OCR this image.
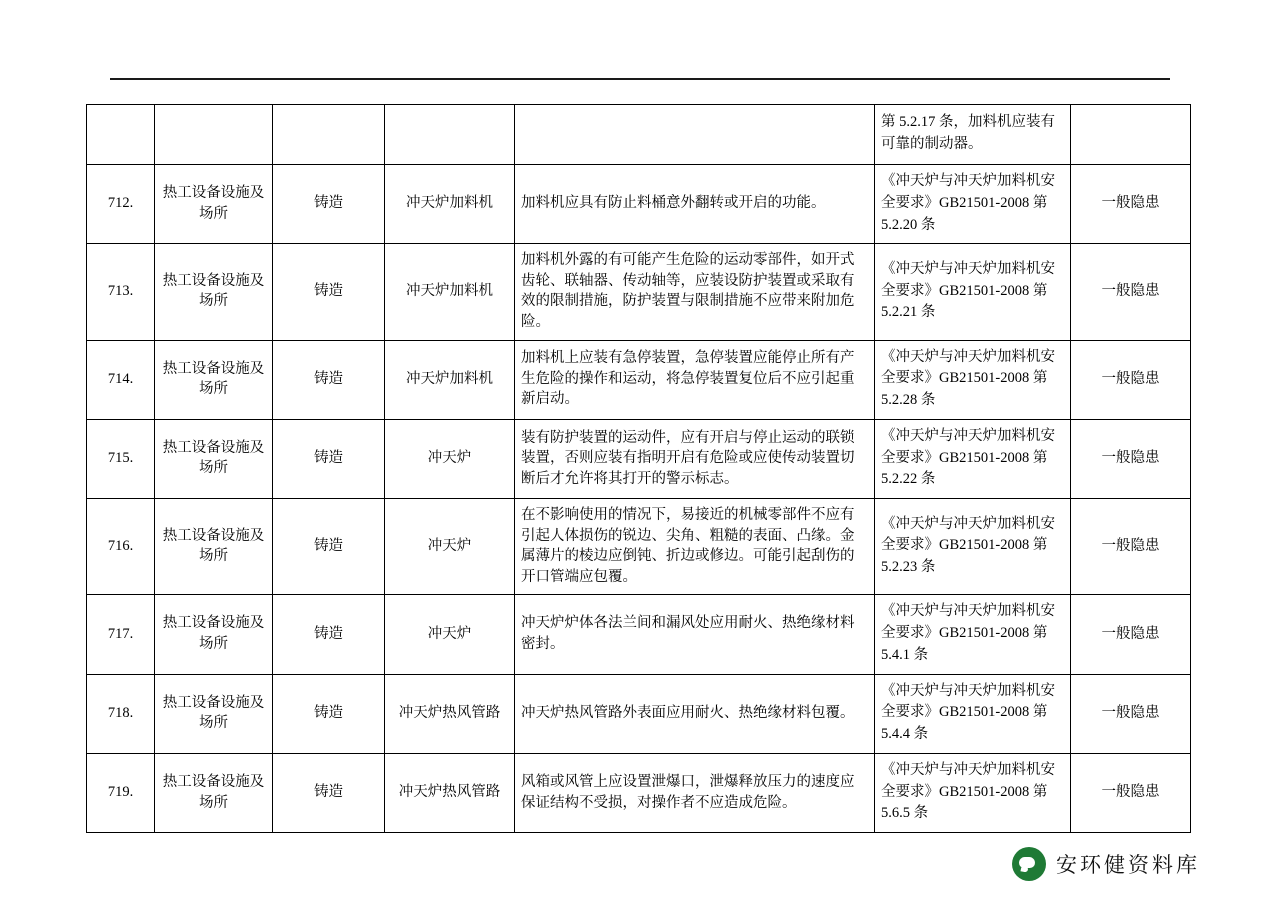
					第 5.2.17 条，加料机应装有可靠的制动器。	
712.	热工设备设施及场所	铸造	冲天炉加料机	加料机应具有防止料桶意外翻转或开启的功能。	《冲天炉与冲天炉加料机安全要求》GB21501-2008 第 5.2.20 条	一般隐患
713.	热工设备设施及场所	铸造	冲天炉加料机	加料机外露的有可能产生危险的运动零部件，如开式齿轮、联轴器、传动轴等，应装设防护装置或采取有效的限制措施，防护装置与限制措施不应带来附加危险。	《冲天炉与冲天炉加料机安全要求》GB21501-2008 第 5.2.21 条	一般隐患
714.	热工设备设施及场所	铸造	冲天炉加料机	加料机上应装有急停装置，急停装置应能停止所有产生危险的操作和运动，将急停装置复位后不应引起重新启动。	《冲天炉与冲天炉加料机安全要求》GB21501-2008 第 5.2.28 条	一般隐患
715.	热工设备设施及场所	铸造	冲天炉	装有防护装置的运动件，应有开启与停止运动的联锁装置，否则应装有指明开启有危险或应使传动装置切断后才允许将其打开的警示标志。	《冲天炉与冲天炉加料机安全要求》GB21501-2008 第 5.2.22 条	一般隐患
716.	热工设备设施及场所	铸造	冲天炉	在不影响使用的情况下，易接近的机械零部件不应有引起人体损伤的锐边、尖角、粗糙的表面、凸缘。金属薄片的棱边应倒钝、折边或修边。可能引起刮伤的开口管端应包覆。	《冲天炉与冲天炉加料机安全要求》GB21501-2008 第 5.2.23 条	一般隐患
717.	热工设备设施及场所	铸造	冲天炉	冲天炉炉体各法兰间和漏风处应用耐火、热绝缘材料密封。	《冲天炉与冲天炉加料机安全要求》GB21501-2008 第 5.4.1 条	一般隐患
718.	热工设备设施及场所	铸造	冲天炉热风管路	冲天炉热风管路外表面应用耐火、热绝缘材料包覆。	《冲天炉与冲天炉加料机安全要求》GB21501-2008 第 5.4.4 条	一般隐患
719.	热工设备设施及场所	铸造	冲天炉热风管路	风箱或风管上应设置泄爆口，泄爆释放压力的速度应保证结构不受损，对操作者不应造成危险。	《冲天炉与冲天炉加料机安全要求》GB21501-2008 第 5.6.5 条	一般隐患
安环健资料库
